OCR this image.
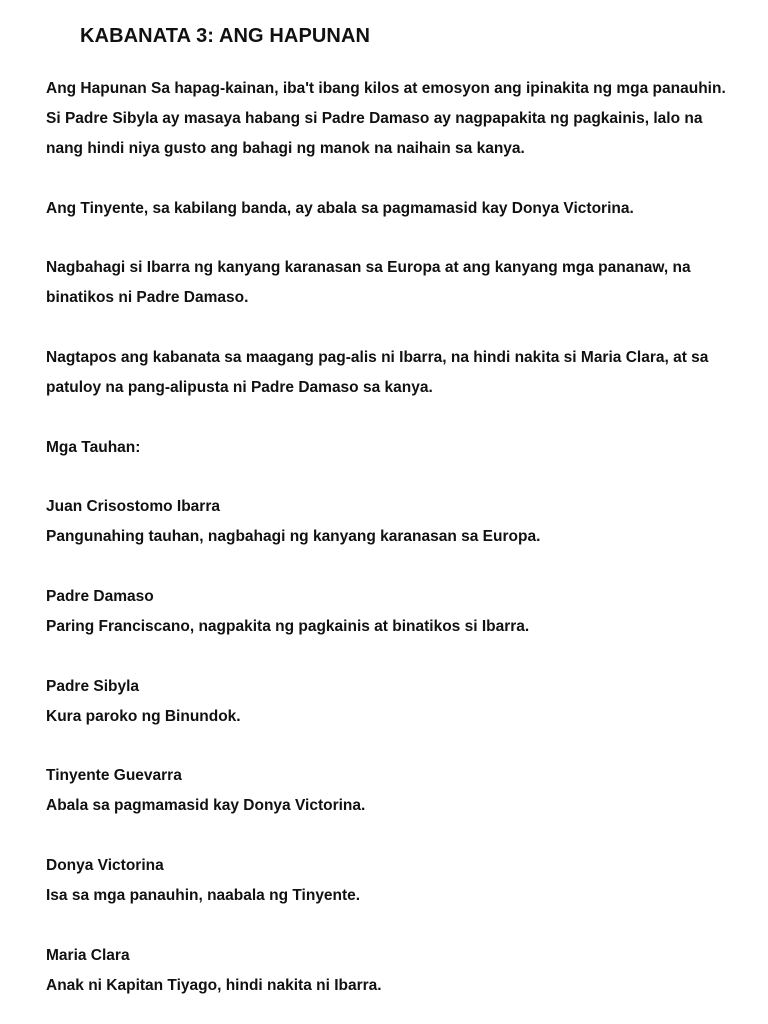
KABANATA 3: ANG HAPUNAN

Ang Hapunan Sa hapag-kainan, iba't ibang kilos at emosyon ang ipinakita ng mga panauhin. Si Padre Sibyla ay masaya habang si Padre Damaso ay nagpapakita ng pagkainis, lalo na nang hindi niya gusto ang bahagi ng manok na naihain sa kanya.

Ang Tinyente, sa kabilang banda, ay abala sa pagmamasid kay Donya Victorina.

Nagbahagi si Ibarra ng kanyang karanasan sa Europa at ang kanyang mga pananaw, na binatikos ni Padre Damaso.

Nagtapos ang kabanata sa maagang pag-alis ni Ibarra, na hindi nakita si Maria Clara, at sa patuloy na pang-alipusta ni Padre Damaso sa kanya.

Mga Tauhan:

Juan Crisostomo Ibarra
Pangunahing tauhan, nagbahagi ng kanyang karanasan sa Europa.
Padre Damaso
Paring Franciscano, nagpakita ng pagkainis at binatikos si Ibarra.
Padre Sibyla
Kura paroko ng Binundok.
Tinyente Guevarra
Abala sa pagmamasid kay Donya Victorina.
Donya Victorina
Isa sa mga panauhin, naabala ng Tinyente.
Maria Clara
Anak ni Kapitan Tiyago, hindi nakita ni Ibarra.
